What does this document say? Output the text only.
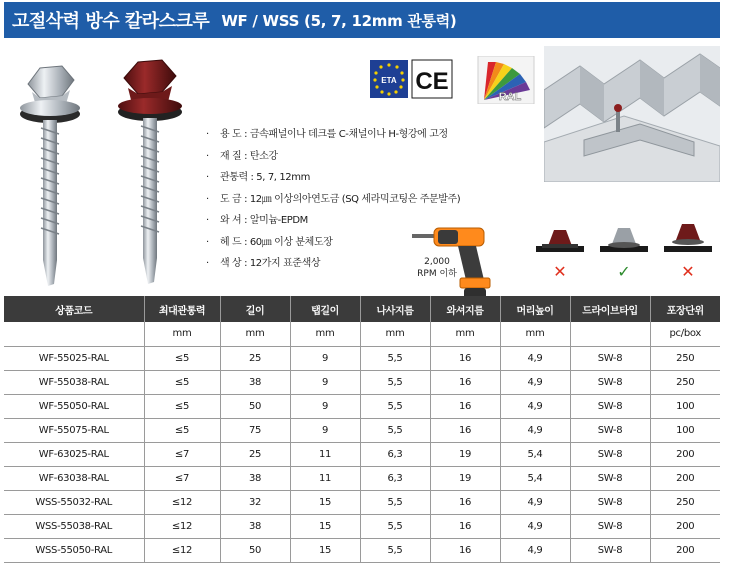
고절삭력 방수 칼라스크루 WF / WSS (5, 7, 12mm 관통력)
ETA CE
RAL
·	용 도 : 금속패널이나 데크를 C-채널이나 H-형강에 고정
·	재 질 : 탄소강
·	관통력 : 5, 7, 12mm
·	도 금 : 12㎛ 이상의아연도금 (SQ 세라믹코팅은 주문발주)
·	와 셔 : 알미늄-EPDM
·	헤 드 : 60㎛ 이상 분체도장
·	색 상 : 12가지 표준색상	2,000
RPM 이하	✕	✓	✕
상품코드	최대관통력	길이	탭길이	나사지름	와셔지름	머리높이	드라이브타입	포장단위
	mm	mm	mm	mm	mm	mm		pc/box
WF-55025-RAL	≤5	25	9	5,5	16	4,9	SW-8	250
WF-55038-RAL	≤5	38	9	5,5	16	4,9	SW-8	250
WF-55050-RAL	≤5	50	9	5,5	16	4,9	SW-8	100
WF-55075-RAL	≤5	75	9	5,5	16	4,9	SW-8	100
WF-63025-RAL	≤7	25	11	6,3	19	5,4	SW-8	200
WF-63038-RAL	≤7	38	11	6,3	19	5,4	SW-8	200
WSS-55032-RAL	≤12	32	15	5,5	16	4,9	SW-8	250
WSS-55038-RAL	≤12	38	15	5,5	16	4,9	SW-8	200
WSS-55050-RAL	≤12	50	15	5,5	16	4,9	SW-8	200
